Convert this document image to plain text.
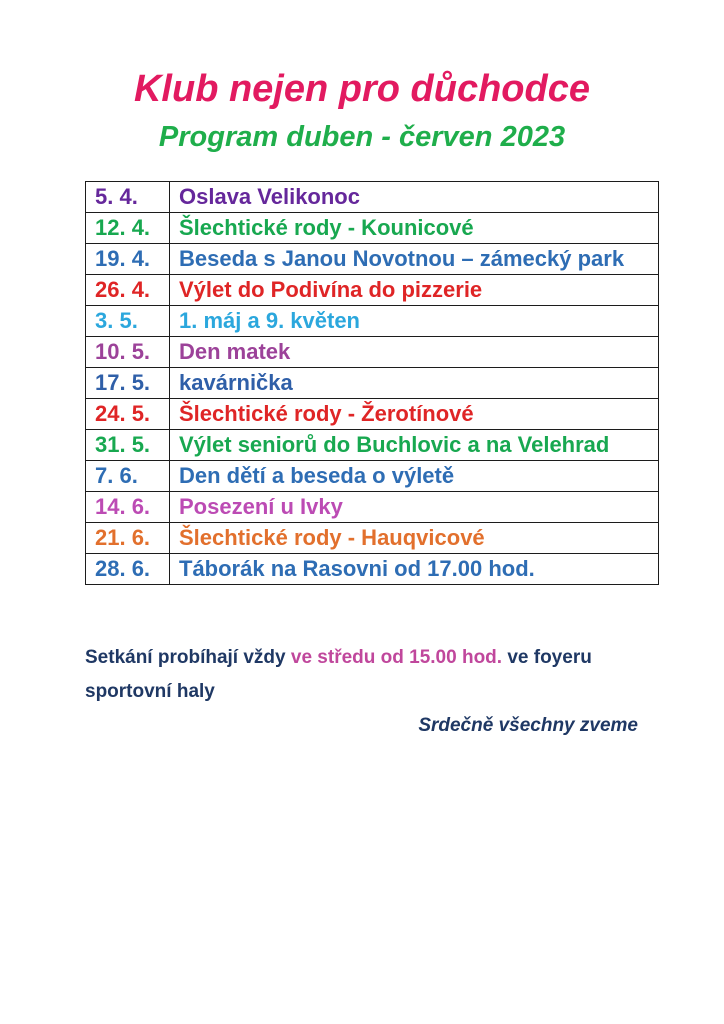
Klub nejen pro důchodce
Program duben - červen 2023
5. 4.	Oslava Velikonoc
12. 4.	Šlechtické rody - Kounicové
19. 4.	Beseda s Janou Novotnou – zámecký park
26. 4.	Výlet do Podivína do pizzerie
3. 5.	1. máj a 9. květen
10. 5.	Den matek
17. 5.	kavárnička
24. 5.	Šlechtické rody - Žerotínové
31. 5.	Výlet seniorů do Buchlovic a na Velehrad
7. 6.	Den dětí a beseda o výletě
14. 6.	Posezení u Ivky
21. 6.	Šlechtické rody - Hauqvicové
28. 6.	Táborák na Rasovni od 17.00 hod.
Setkání probíhají vždy ve středu od 15.00 hod. ve foyeru sportovní haly
Srdečně všechny zveme
